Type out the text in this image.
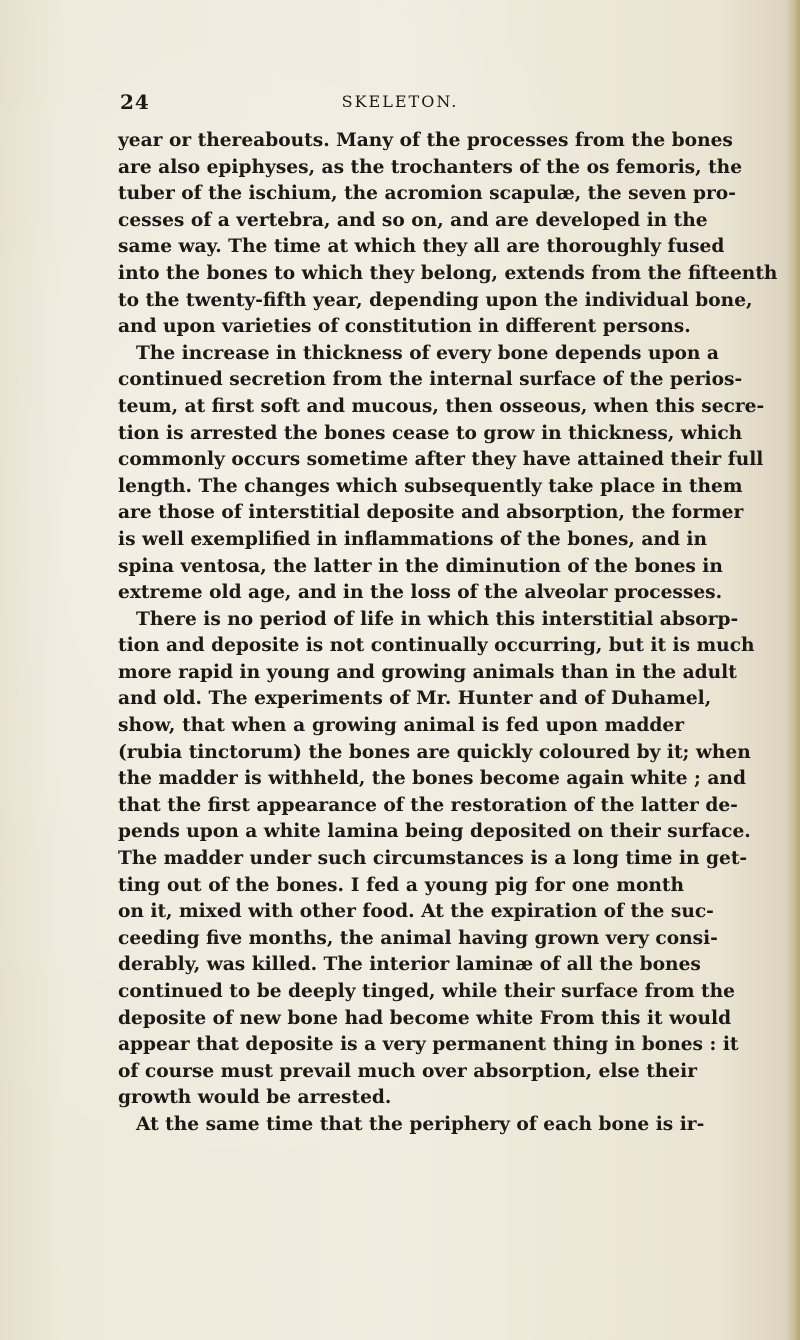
24	SKELETON.
year or thereabouts. Many of the processes from the bones
are also epiphyses, as the trochanters of the os femoris, the
tuber of the ischium, the acromion scapulæ, the seven pro-
cesses of a vertebra, and so on, and are developed in the
same way. The time at which they all are thoroughly fused
into the bones to which they belong, extends from the fifteenth
to the twenty-fifth year, depending upon the individual bone,
and upon varieties of constitution in different persons.
The increase in thickness of every bone depends upon a
continued secretion from the internal surface of the perios-
teum, at first soft and mucous, then osseous, when this secre-
tion is arrested the bones cease to grow in thickness, which
commonly occurs sometime after they have attained their full
length. The changes which subsequently take place in them
are those of interstitial deposite and absorption, the former
is well exemplified in inflammations of the bones, and in
spina ventosa, the latter in the diminution of the bones in
extreme old age, and in the loss of the alveolar processes.
There is no period of life in which this interstitial absorp-
tion and deposite is not continually occurring, but it is much
more rapid in young and growing animals than in the adult
and old. The experiments of Mr. Hunter and of Duhamel,
show, that when a growing animal is fed upon madder
(rubia tinctorum) the bones are quickly coloured by it; when
the madder is withheld, the bones become again white ; and
that the first appearance of the restoration of the latter de-
pends upon a white lamina being deposited on their surface.
The madder under such circumstances is a long time in get-
ting out of the bones. I fed a young pig for one month
on it, mixed with other food. At the expiration of the suc-
ceeding five months, the animal having grown very consi-
derably, was killed. The interior laminæ of all the bones
continued to be deeply tinged, while their surface from the
deposite of new bone had become white From this it would
appear that deposite is a very permanent thing in bones : it
of course must prevail much over absorption, else their
growth would be arrested.
At the same time that the periphery of each bone is ir-
